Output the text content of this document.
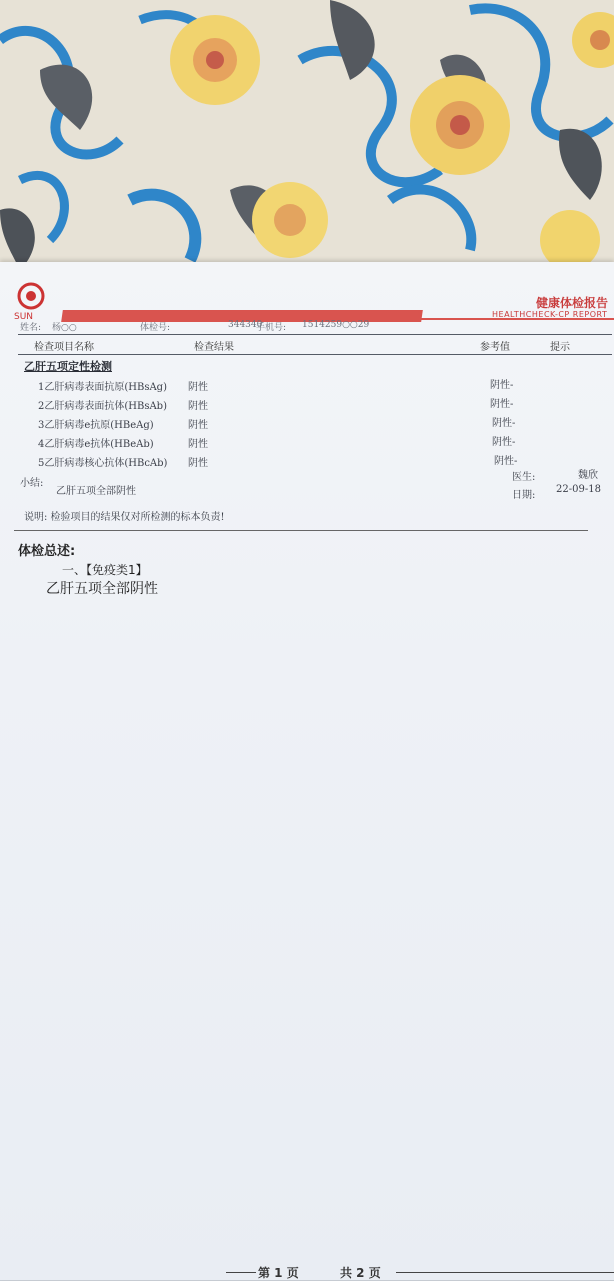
SUN
健康体检报告
HEALTHCHECK-CP REPORT
姓名: 杨○○	体检号:	344340
手机号: 1514259○○29
检查项目名称	检查结果	参考值	提示
乙肝五项定性检测
1乙肝病毒表面抗原(HBsAg) 阴性	阴性-
2乙肝病毒表面抗体(HBsAb) 阴性	阴性-
3乙肝病毒e抗原(HBeAg)	阴性	阴性-
4乙肝病毒e抗体(HBeAb)	阴性	阴性-
5乙肝病毒核心抗体(HBcAb) 阴性	阴性-
小结:
乙肝五项全部阴性
医生:	魏欣
日期:
22-09-18
说明: 检验项目的结果仅对所检测的标本负责!
体检总述:
一、【免疫类1】
乙肝五项全部阴性
第 1 页	共 2 页
